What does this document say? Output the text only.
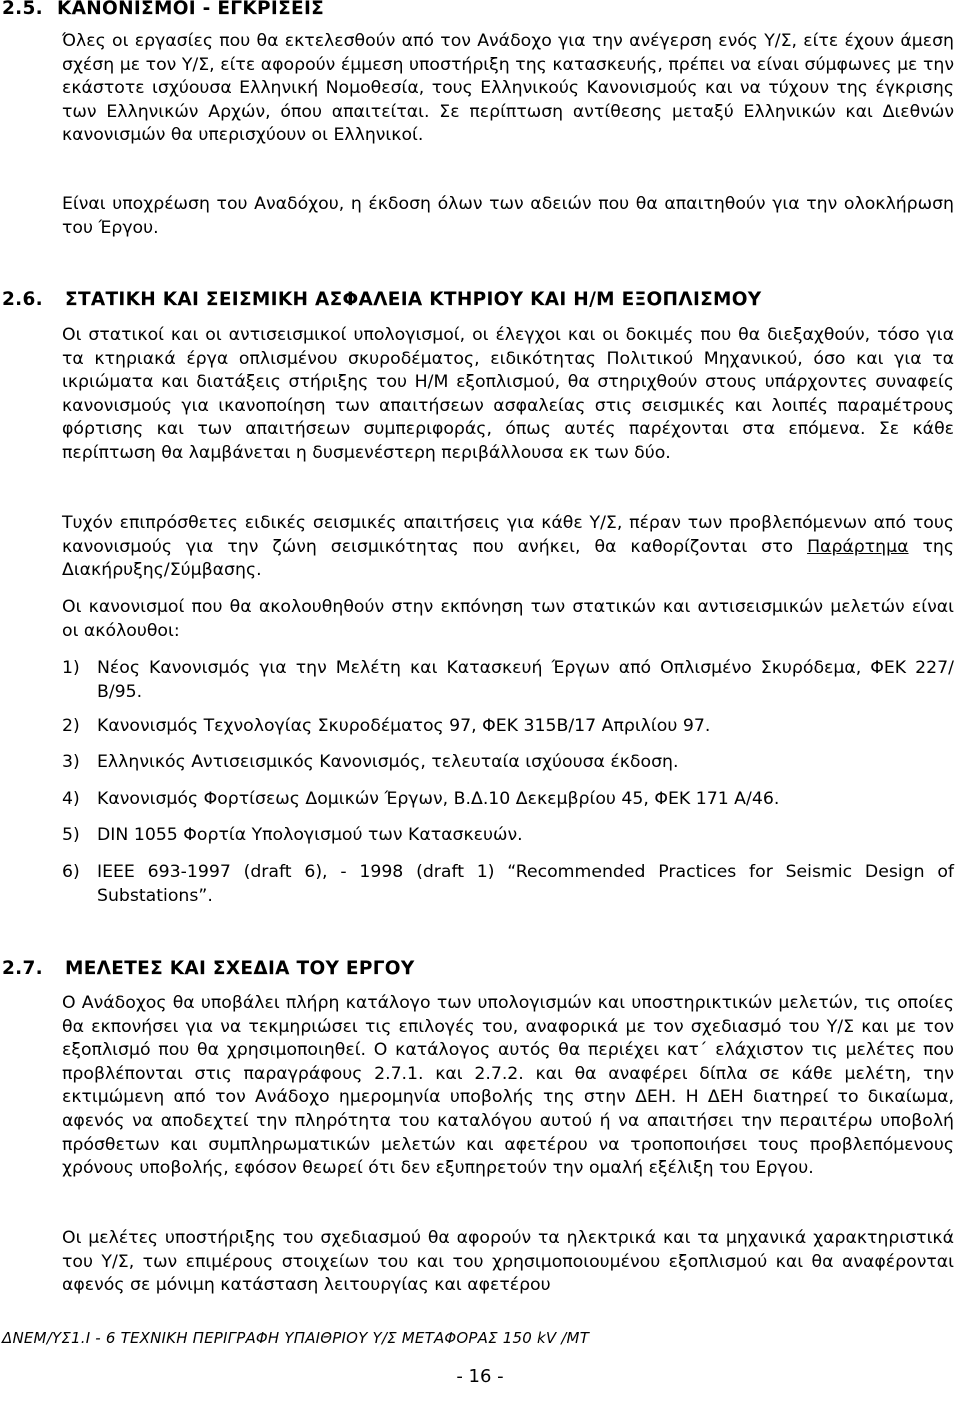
2.5. ΚΑΝΟΝΙΣΜΟΙ - ΕΓΚΡΙΣΕΙΣ

Όλες οι εργασίες που θα εκτελεσθούν από τον Ανάδοχο για την ανέγερση ενός Υ/Σ, είτε έχουν άμεση σχέση με τον Υ/Σ, είτε αφορούν έμμεση υποστήριξη της κατασκευής, πρέπει να είναι σύμφωνες με την εκάστοτε ισχύουσα Ελληνική Νομοθεσία, τους Ελληνικούς Κανονισμούς και να τύχουν της έγκρισης των Ελληνικών Αρχών, όπου απαιτείται. Σε περίπτωση αντίθεσης μεταξύ Ελληνικών και Διεθνών κανονισμών θα υπερισχύουν οι Ελληνικοί.

Είναι υποχρέωση του Αναδόχου, η έκδοση όλων των αδειών που θα απαιτηθούν για την ολοκλήρωση του Έργου.

2.6. ΣΤΑΤΙΚΗ ΚΑΙ ΣΕΙΣΜΙΚΗ ΑΣΦΑΛΕΙΑ ΚΤΗΡΙΟΥ ΚΑΙ Η/Μ ΕΞΟΠΛΙΣΜΟΥ

Οι στατικοί και οι αντισεισμικοί υπολογισμοί, οι έλεγχοι και οι δοκιμές που θα διεξαχθούν, τόσο για τα κτηριακά έργα οπλισμένου σκυροδέματος, ειδικότητας Πολιτικού Μηχανικού, όσο και για τα ικριώματα και διατάξεις στήριξης του Η/Μ εξοπλισμού, θα στηριχθούν στους υπάρχοντες συναφείς κανονισμούς για ικανοποίηση των απαιτήσεων ασφαλείας στις σεισμικές και λοιπές παραμέτρους φόρτισης και των απαιτήσεων συμπεριφοράς, όπως αυτές παρέχονται στα επόμενα. Σε κάθε περίπτωση θα λαμβάνεται η δυσμενέστερη περιβάλλουσα εκ των δύο.

Τυχόν επιπρόσθετες ειδικές σεισμικές απαιτήσεις για κάθε Υ/Σ, πέραν των προβλεπόμενων από τους κανονισμούς για την ζώνη σεισμικότητας που ανήκει, θα καθορίζονται στο Παράρτημα της Διακήρυξης/Σύμβασης.

Οι κανονισμοί που θα ακολουθηθούν στην εκπόνηση των στατικών και αντισεισμικών μελετών είναι οι ακόλουθοι:

1) Νέος Κανονισμός για την Μελέτη και Κατασκευή Έργων από Οπλισμένο Σκυρόδεμα, ΦΕΚ 227/Β/95.
2) Κανονισμός Τεχνολογίας Σκυροδέματος 97, ΦΕΚ 315Β/17 Απριλίου 97.
3) Ελληνικός Αντισεισμικός Κανονισμός, τελευταία ισχύουσα έκδοση.
4) Κανονισμός Φορτίσεως Δομικών Έργων, Β.Δ.10 Δεκεμβρίου 45, ΦΕΚ 171 Α/46.
5) DIN 1055 Φορτία Υπολογισμού των Κατασκευών.
6) IEEE 693-1997 (draft 6), - 1998 (draft 1) “Recommended Practices for Seismic Design of Substations”.
2.7. ΜΕΛΕΤΕΣ ΚΑΙ ΣΧΕΔΙΑ ΤΟΥ ΕΡΓΟΥ

Ο Ανάδοχος θα υποβάλει πλήρη κατάλογο των υπολογισμών και υποστηρικτικών μελετών, τις οποίες θα εκπονήσει για να τεκμηριώσει τις επιλογές του, αναφορικά με τον σχεδιασμό του Υ/Σ και με τον εξοπλισμό που θα χρησιμοποιηθεί. Ο κατάλογος αυτός θα περιέχει κατ΄ ελάχιστον τις μελέτες που προβλέπονται στις παραγράφους 2.7.1. και 2.7.2. και θα αναφέρει δίπλα σε κάθε μελέτη, την εκτιμώμενη από τον Ανάδοχο ημερομηνία υποβολής της στην ΔΕΗ. Η ΔΕΗ διατηρεί το δικαίωμα, αφενός να αποδεχτεί την πληρότητα του καταλόγου αυτού ή να απαιτήσει την περαιτέρω υποβολή πρόσθετων και συμπληρωματικών μελετών και αφετέρου να τροποποιήσει τους προβλεπόμενους χρόνους υποβολής, εφόσον θεωρεί ότι δεν εξυπηρετούν την ομαλή εξέλιξη του Εργου.

Οι μελέτες υποστήριξης του σχεδιασμού θα αφορούν τα ηλεκτρικά και τα μηχανικά χαρακτηριστικά του Υ/Σ, των επιμέρους στοιχείων του και του χρησιμοποιουμένου εξοπλισμού και θα αναφέρονται αφενός σε μόνιμη κατάσταση λειτουργίας και αφετέρου

ΔΝΕΜ/ΥΣ1.Ι - 6 ΤΕΧΝΙΚΗ ΠΕΡΙΓΡΑΦΗ ΥΠΑΙΘΡΙΟΥ Υ/Σ ΜΕΤΑΦΟΡΑΣ 150 kV /ΜΤ
- 16 -
